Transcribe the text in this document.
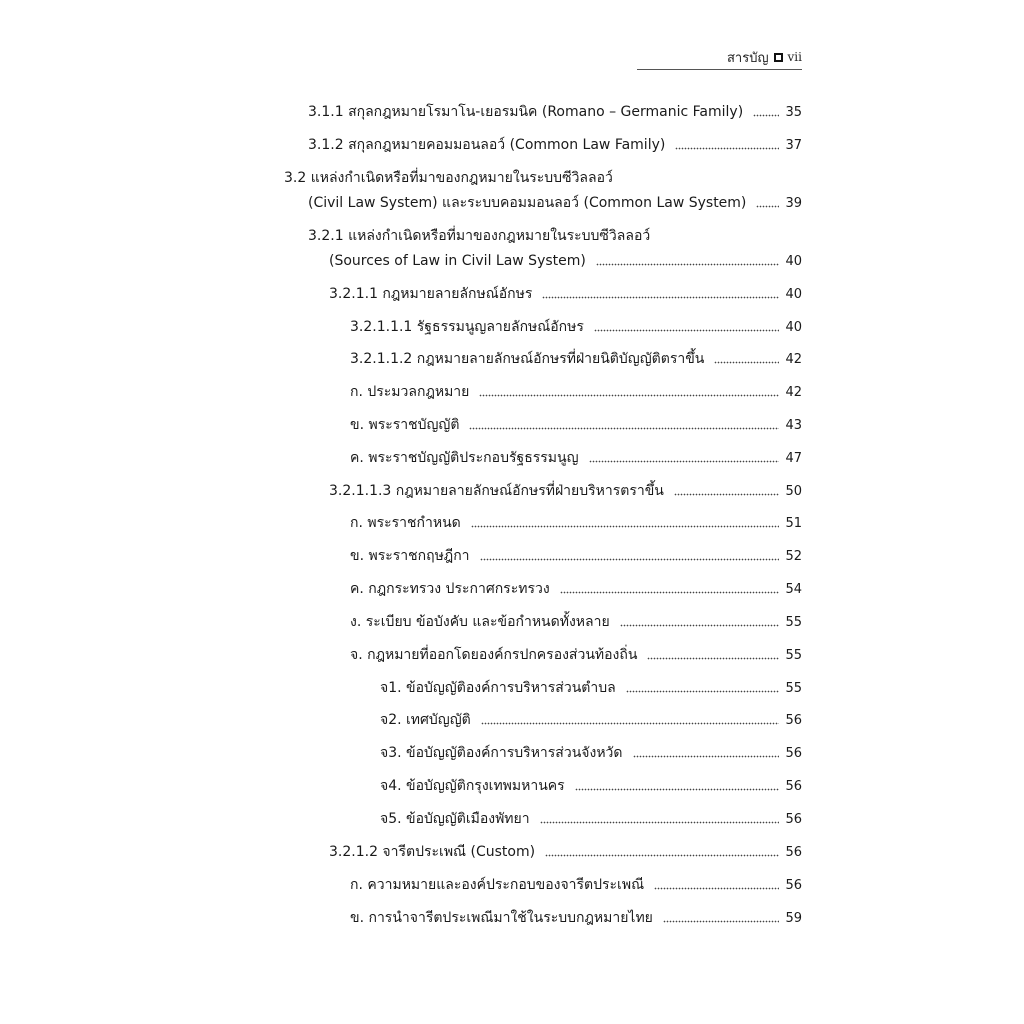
สารบัญ vii
3.1.1 สกุลกฎหมายโรมาโน-เยอรมนิค (Romano – Germanic Family)	35
3.1.2 สกุลกฎหมายคอมมอนลอว์ (Common Law Family)	37
3.2 แหล่งกำเนิดหรือที่มาของกฎหมายในระบบซีวิลลอว์
(Civil Law System) และระบบคอมมอนลอว์ (Common Law System)	39
3.2.1 แหล่งกำเนิดหรือที่มาของกฎหมายในระบบซีวิลลอว์
(Sources of Law in Civil Law System)	40
3.2.1.1 กฎหมายลายลักษณ์อักษร	40
3.2.1.1.1 รัฐธรรมนูญลายลักษณ์อักษร	40
3.2.1.1.2 กฎหมายลายลักษณ์อักษรที่ฝ่ายนิติบัญญัติตราขึ้น	42
ก. ประมวลกฎหมาย	42
ข. พระราชบัญญัติ	43
ค. พระราชบัญญัติประกอบรัฐธรรมนูญ	47
3.2.1.1.3 กฎหมายลายลักษณ์อักษรที่ฝ่ายบริหารตราขึ้น	50
ก. พระราชกำหนด	51
ข. พระราชกฤษฎีกา	52
ค. กฎกระทรวง ประกาศกระทรวง	54
ง. ระเบียบ ข้อบังคับ และข้อกำหนดทั้งหลาย	55
จ. กฎหมายที่ออกโดยองค์กรปกครองส่วนท้องถิ่น	55
จ1. ข้อบัญญัติองค์การบริหารส่วนตำบล	55
จ2. เทศบัญญัติ	56
จ3. ข้อบัญญัติองค์การบริหารส่วนจังหวัด	56
จ4. ข้อบัญญัติกรุงเทพมหานคร	56
จ5. ข้อบัญญัติเมืองพัทยา	56
3.2.1.2 จารีตประเพณี (Custom)	56
ก. ความหมายและองค์ประกอบของจารีตประเพณี	56
ข. การนำจารีตประเพณีมาใช้ในระบบกฎหมายไทย	59
